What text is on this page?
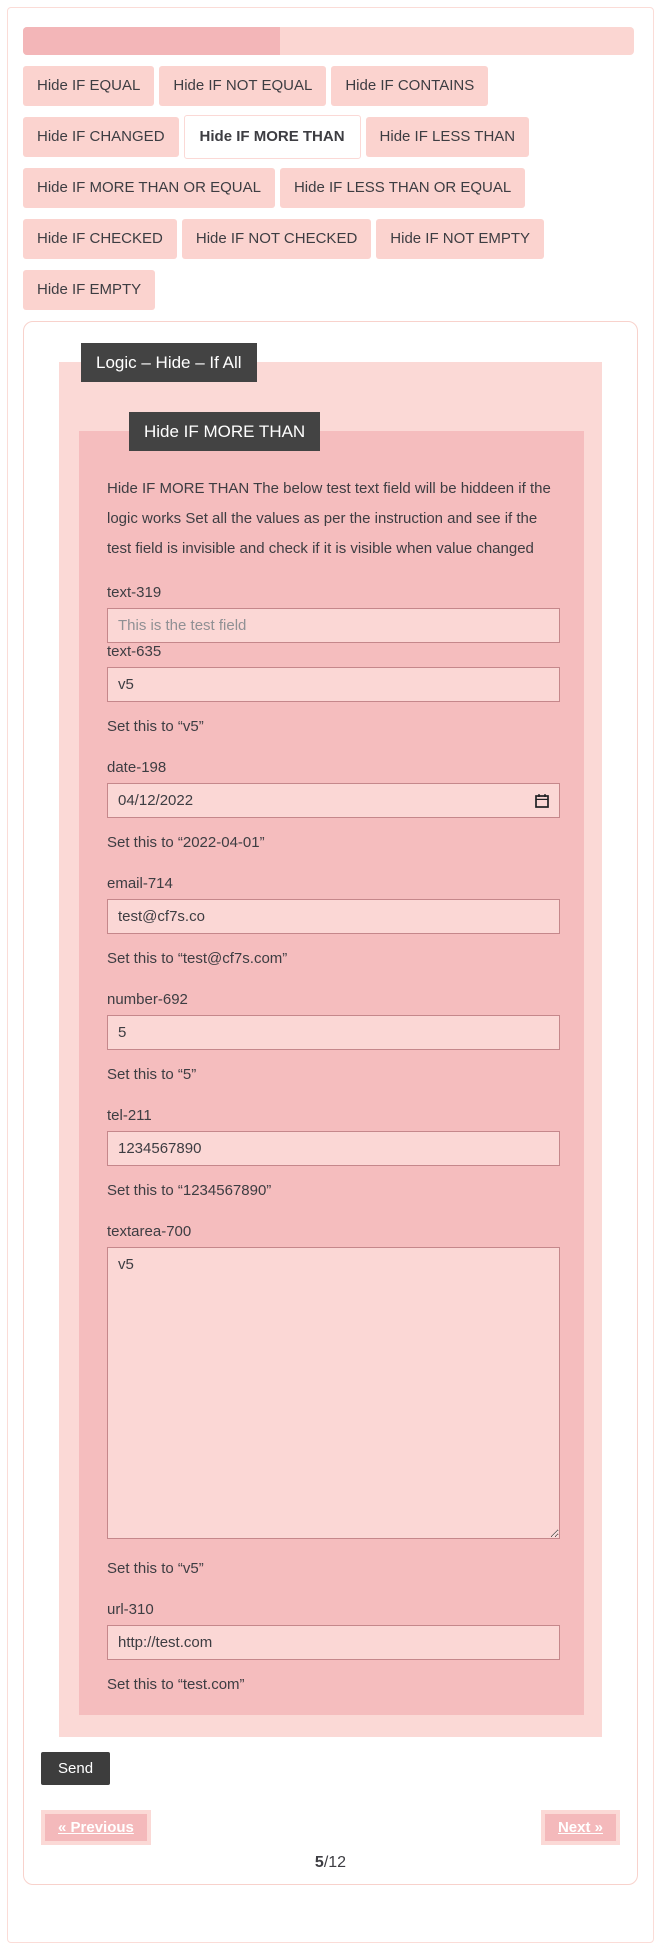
Hide IF EQUAL	Hide IF NOT EQUAL	Hide IF CONTAINS
Hide IF CHANGED	Hide IF MORE THAN	Hide IF LESS THAN
Hide IF MORE THAN OR EQUAL	Hide IF LESS THAN OR EQUAL
Hide IF CHECKED	Hide IF NOT CHECKED	Hide IF NOT EMPTY
Hide IF EMPTY
Logic – Hide – If All
Hide IF MORE THAN

Hide IF MORE THAN The below test text field will be hiddeen if the logic works Set all the values as per the instruction and see if the test field is invisible and check if it is visible when value changed

text-319
This is the test field
text-635
v5

Set this to “v5”

date-198
04/12/2022

Set this to “2022-04-01”

email-714
test@cf7s.co

Set this to “test@cf7s.com”

number-692
5

Set this to “5”

tel-211
1234567890

Set this to “1234567890”

textarea-700
v5

Set this to “v5”

url-310
http://test.com

Set this to “test.com”

Send
« Previous	Next »
5/12
